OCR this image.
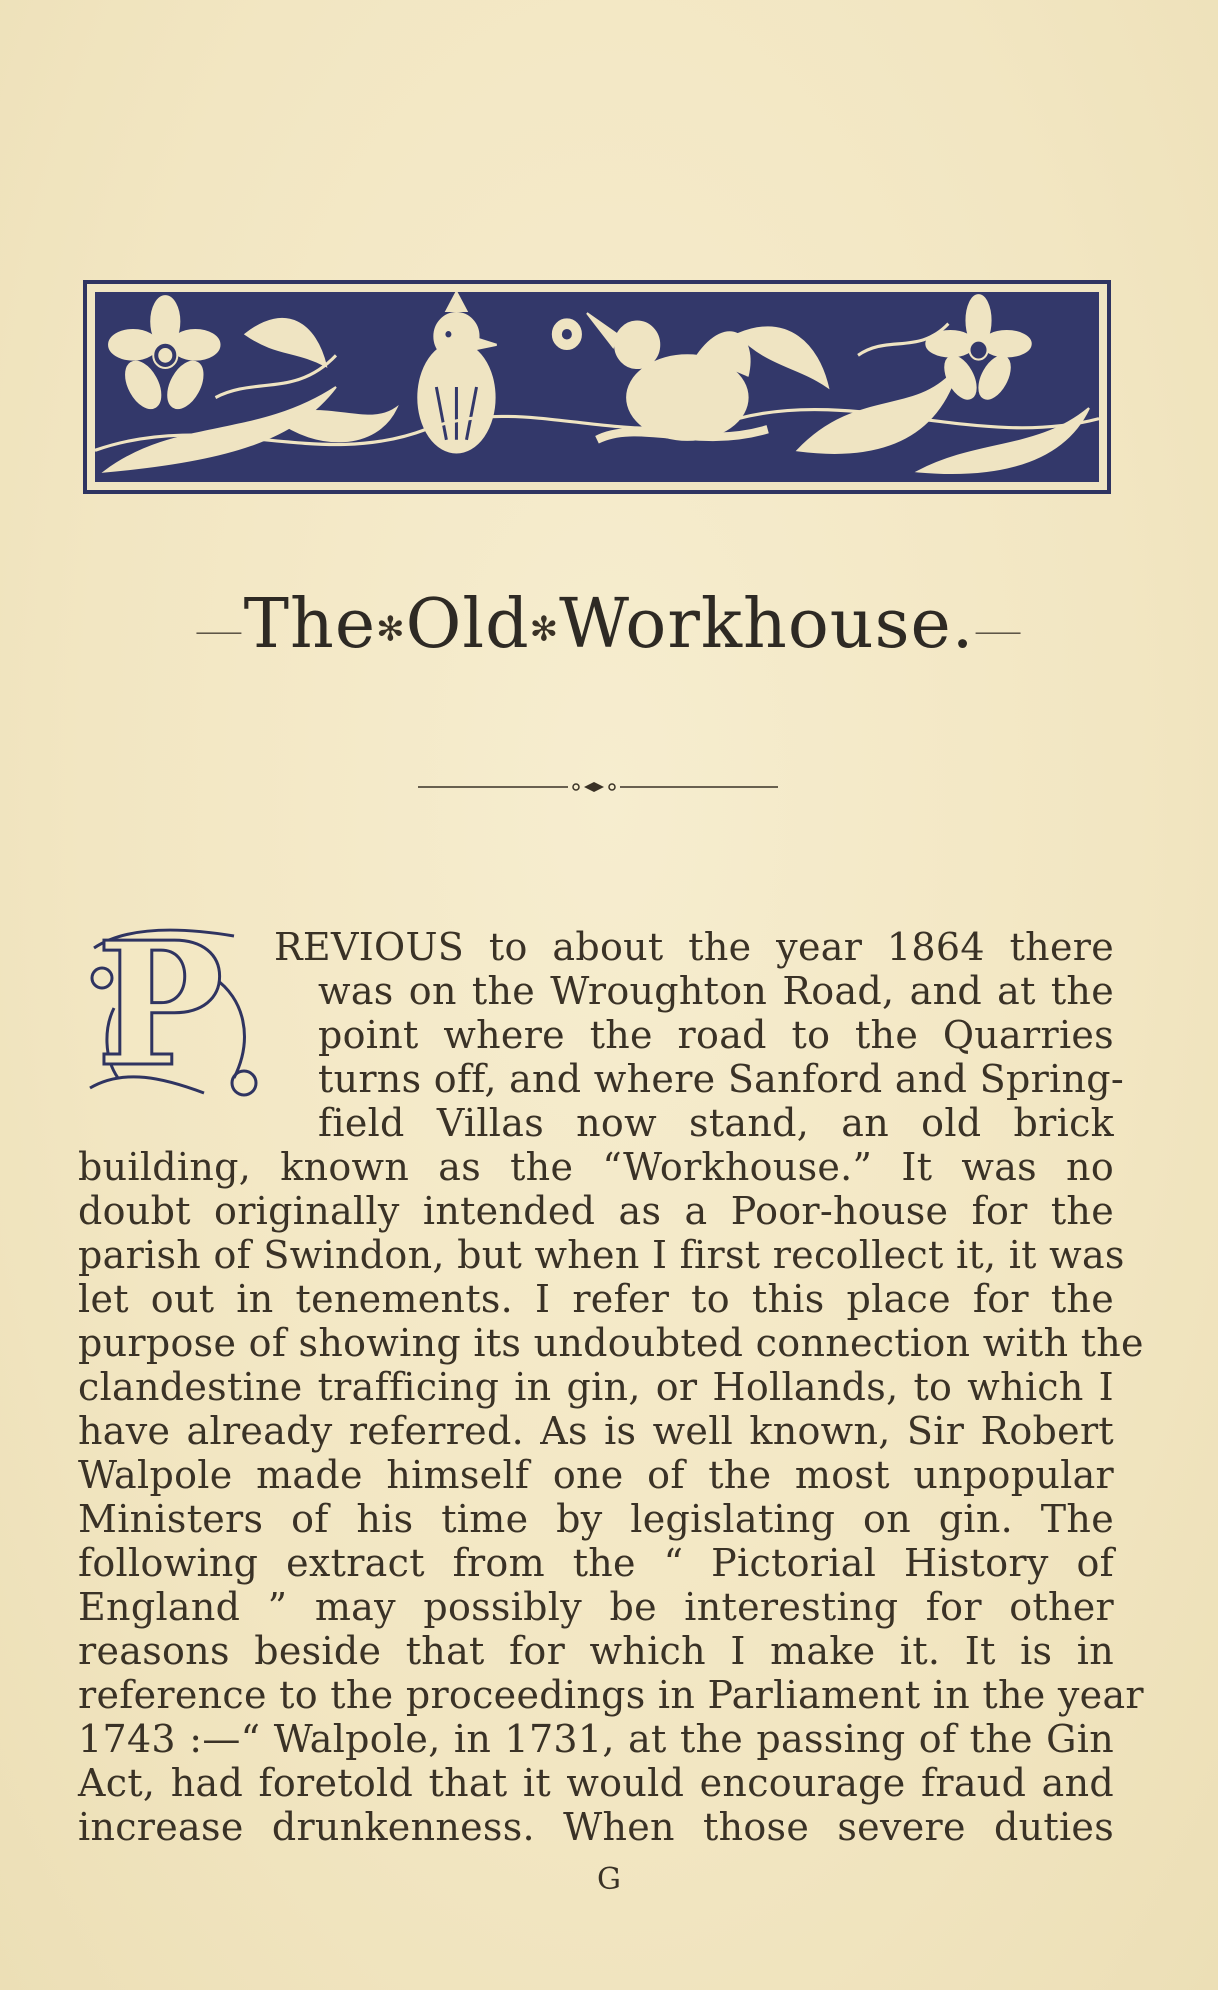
⸺The✻Old✻Workhouse.⸺
P REVIOUS to about the year 1864 there
was on the Wroughton Road, and at the
point where the road to the Quarries
turns off, and where Sanford and Spring-
field Villas now stand, an old brick
building, known as the “Workhouse.” It was no
doubt originally intended as a Poor-house for the
parish of Swindon, but when I first recollect it, it was
let out in tenements. I refer to this place for the
purpose of showing its undoubted connection with the
clandestine trafficing in gin, or Hollands, to which I
have already referred. As is well known, Sir Robert
Walpole made himself one of the most unpopular
Ministers of his time by legislating on gin. The
following extract from the “ Pictorial History of
England ” may possibly be interesting for other
reasons beside that for which I make it. It is in
reference to the proceedings in Parliament in the year
1743 :—“ Walpole, in 1731, at the passing of the Gin
Act, had foretold that it would encourage fraud and
increase drunkenness. When those severe duties
G
